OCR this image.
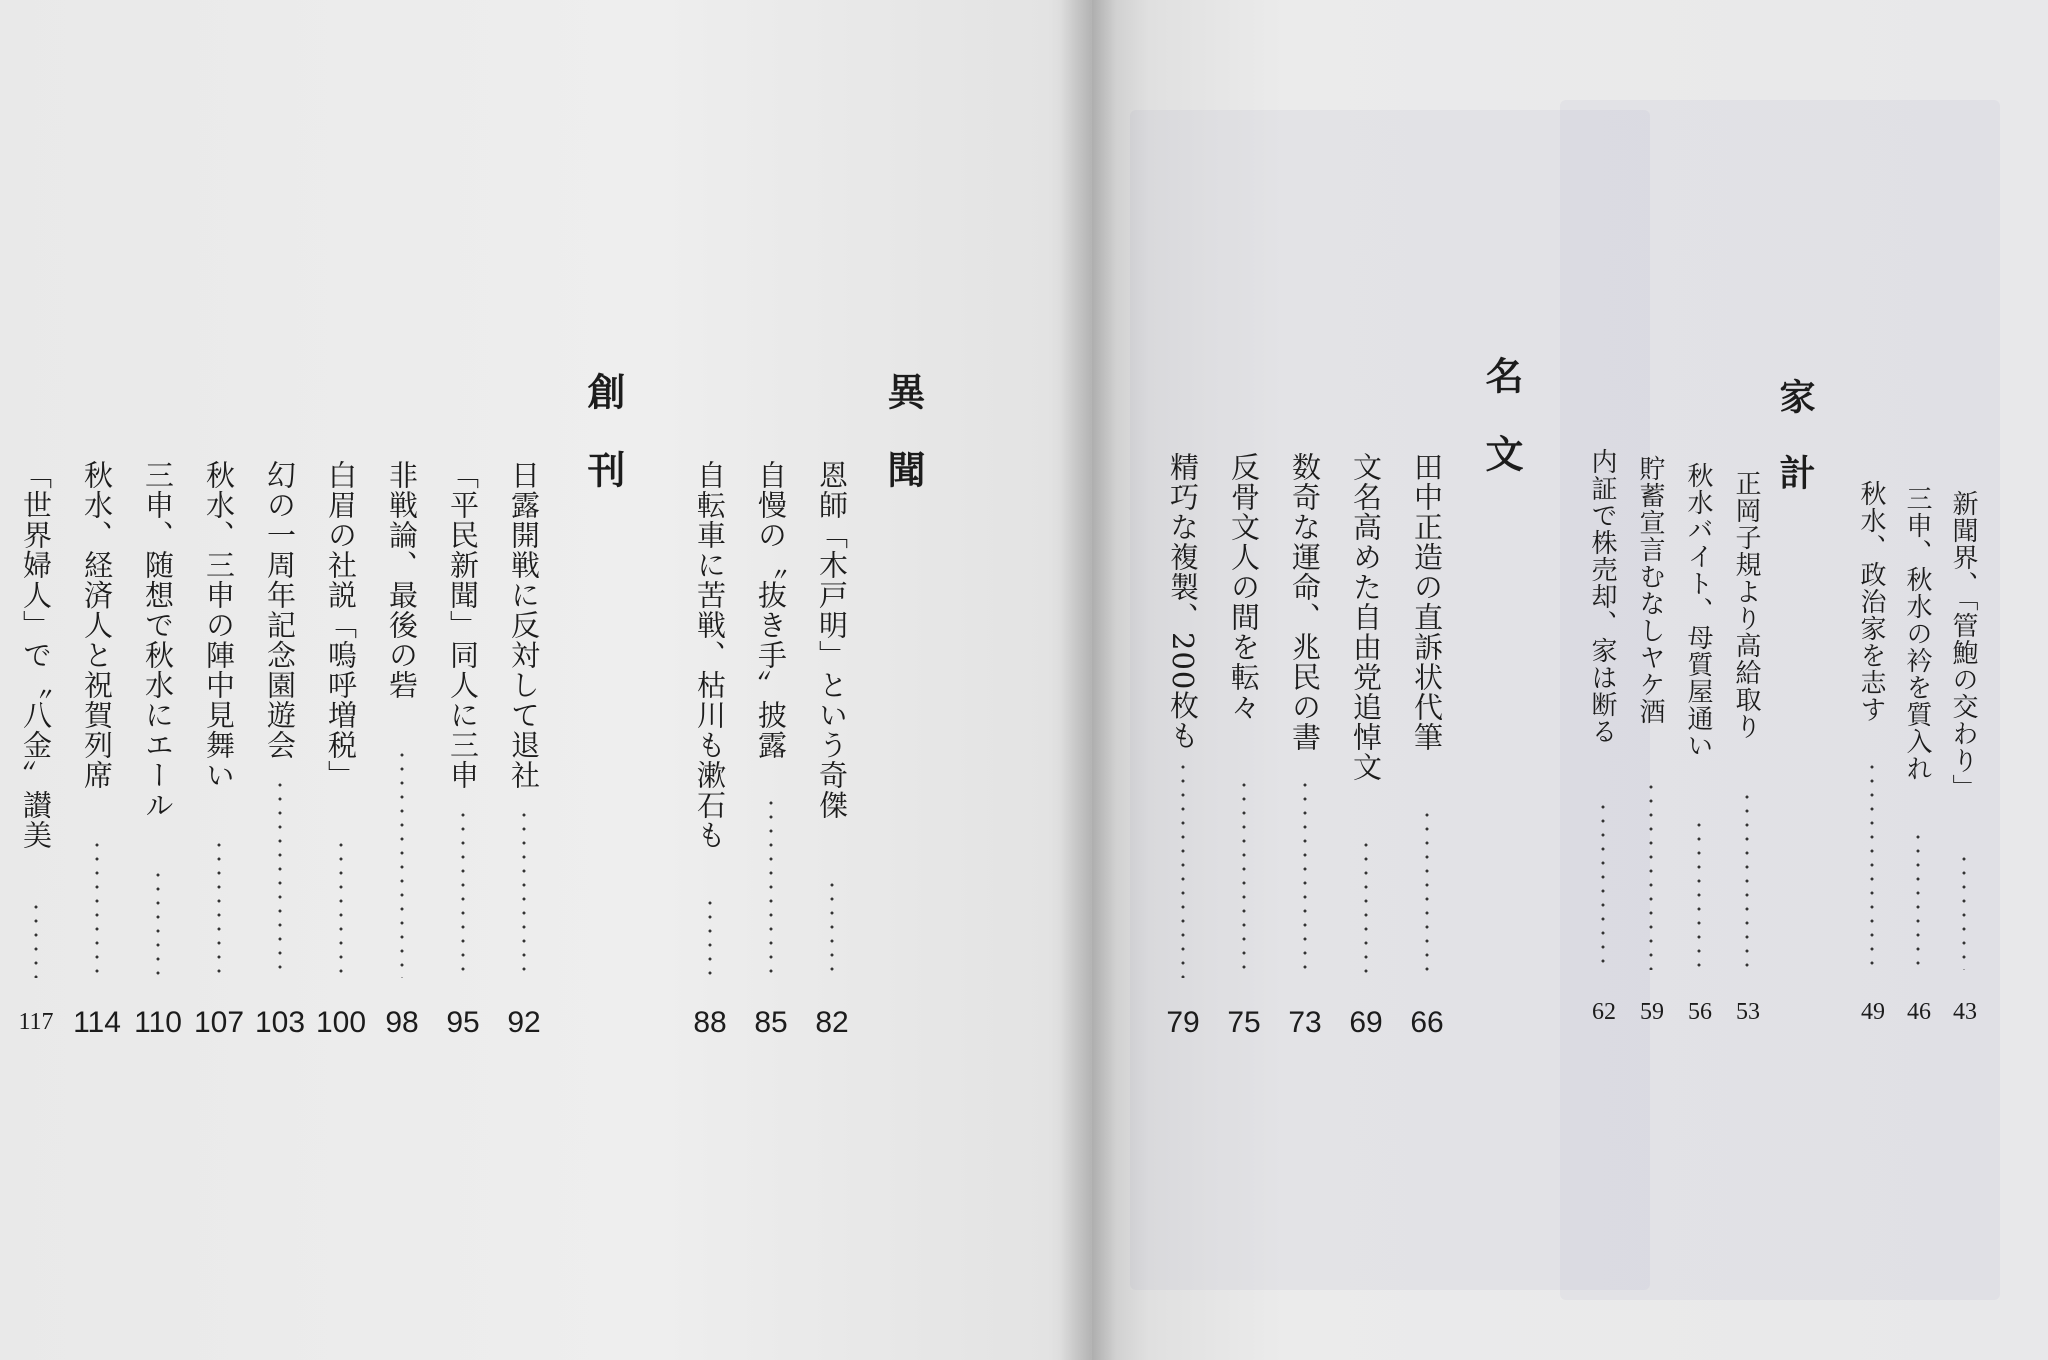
異聞
恩師「木戸明」という奇傑
82
自慢の〝抜き手〟披露
85
自転車に苦戦、枯川も漱石も
88
創刊
日露開戦に反対して退社
92
「平民新聞」同人に三申
95
非戦論、最後の砦
98
白眉の社説「嗚呼増税」
100
幻の一周年記念園遊会
103
秋水、三申の陣中見舞い
107
三申、随想で秋水にエール
110
秋水、経済人と祝賀列席
114
「世界婦人」で〝八金〟讃美
117
名文
田中正造の直訴状代筆
66
文名高めた自由党追悼文
69
数奇な運命、兆民の書
73
反骨文人の間を転々
75
精巧な複製、200枚も
79
家計
正岡子規より高給取り
53
秋水バイト、母質屋通い
56
貯蓄宣言むなしヤケ酒
59
内証で株売却、家は断る
62
新聞界、「管鮑の交わり」
43
三申、秋水の衿を質入れ
46
秋水、政治家を志す
49
